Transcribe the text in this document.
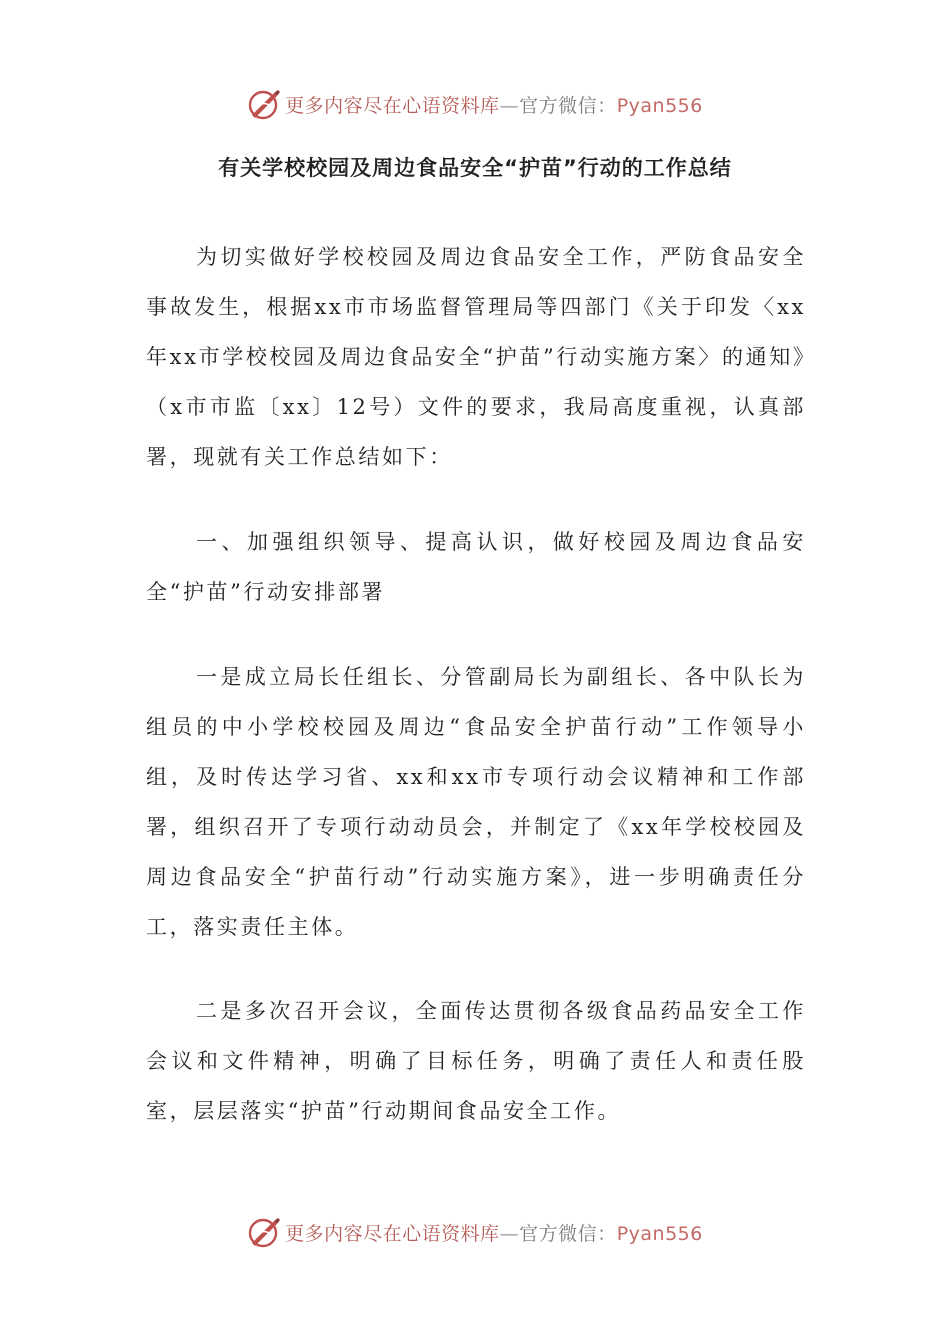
更多内容尽在心语资料库—官方微信：Pyan556
有关学校校园及周边食品安全“护苗”行动的工作总结

为切实做好学校校园及周边食品安全工作，严防食品安全事故发生，根据xx市市场监督管理局等四部门《关于印发〈xx年xx市学校校园及周边食品安全“护苗”行动实施方案〉的通知》（x市市监〔xx〕12号）文件的要求，我局高度重视，认真部署，现就有关工作总结如下：

一、加强组织领导、提高认识，做好校园及周边食品安全“护苗”行动安排部署

一是成立局长任组长、分管副局长为副组长、各中队长为组员的中小学校校园及周边“食品安全护苗行动”工作领导小组，及时传达学习省、xx和xx市专项行动会议精神和工作部署，组织召开了专项行动动员会，并制定了《xx年学校校园及周边食品安全“护苗行动”行动实施方案》，进一步明确责任分工，落实责任主体。

二是多次召开会议，全面传达贯彻各级食品药品安全工作会议和文件精神，明确了目标任务，明确了责任人和责任股室，层层落实“护苗”行动期间食品安全工作。

更多内容尽在心语资料库—官方微信：Pyan556
